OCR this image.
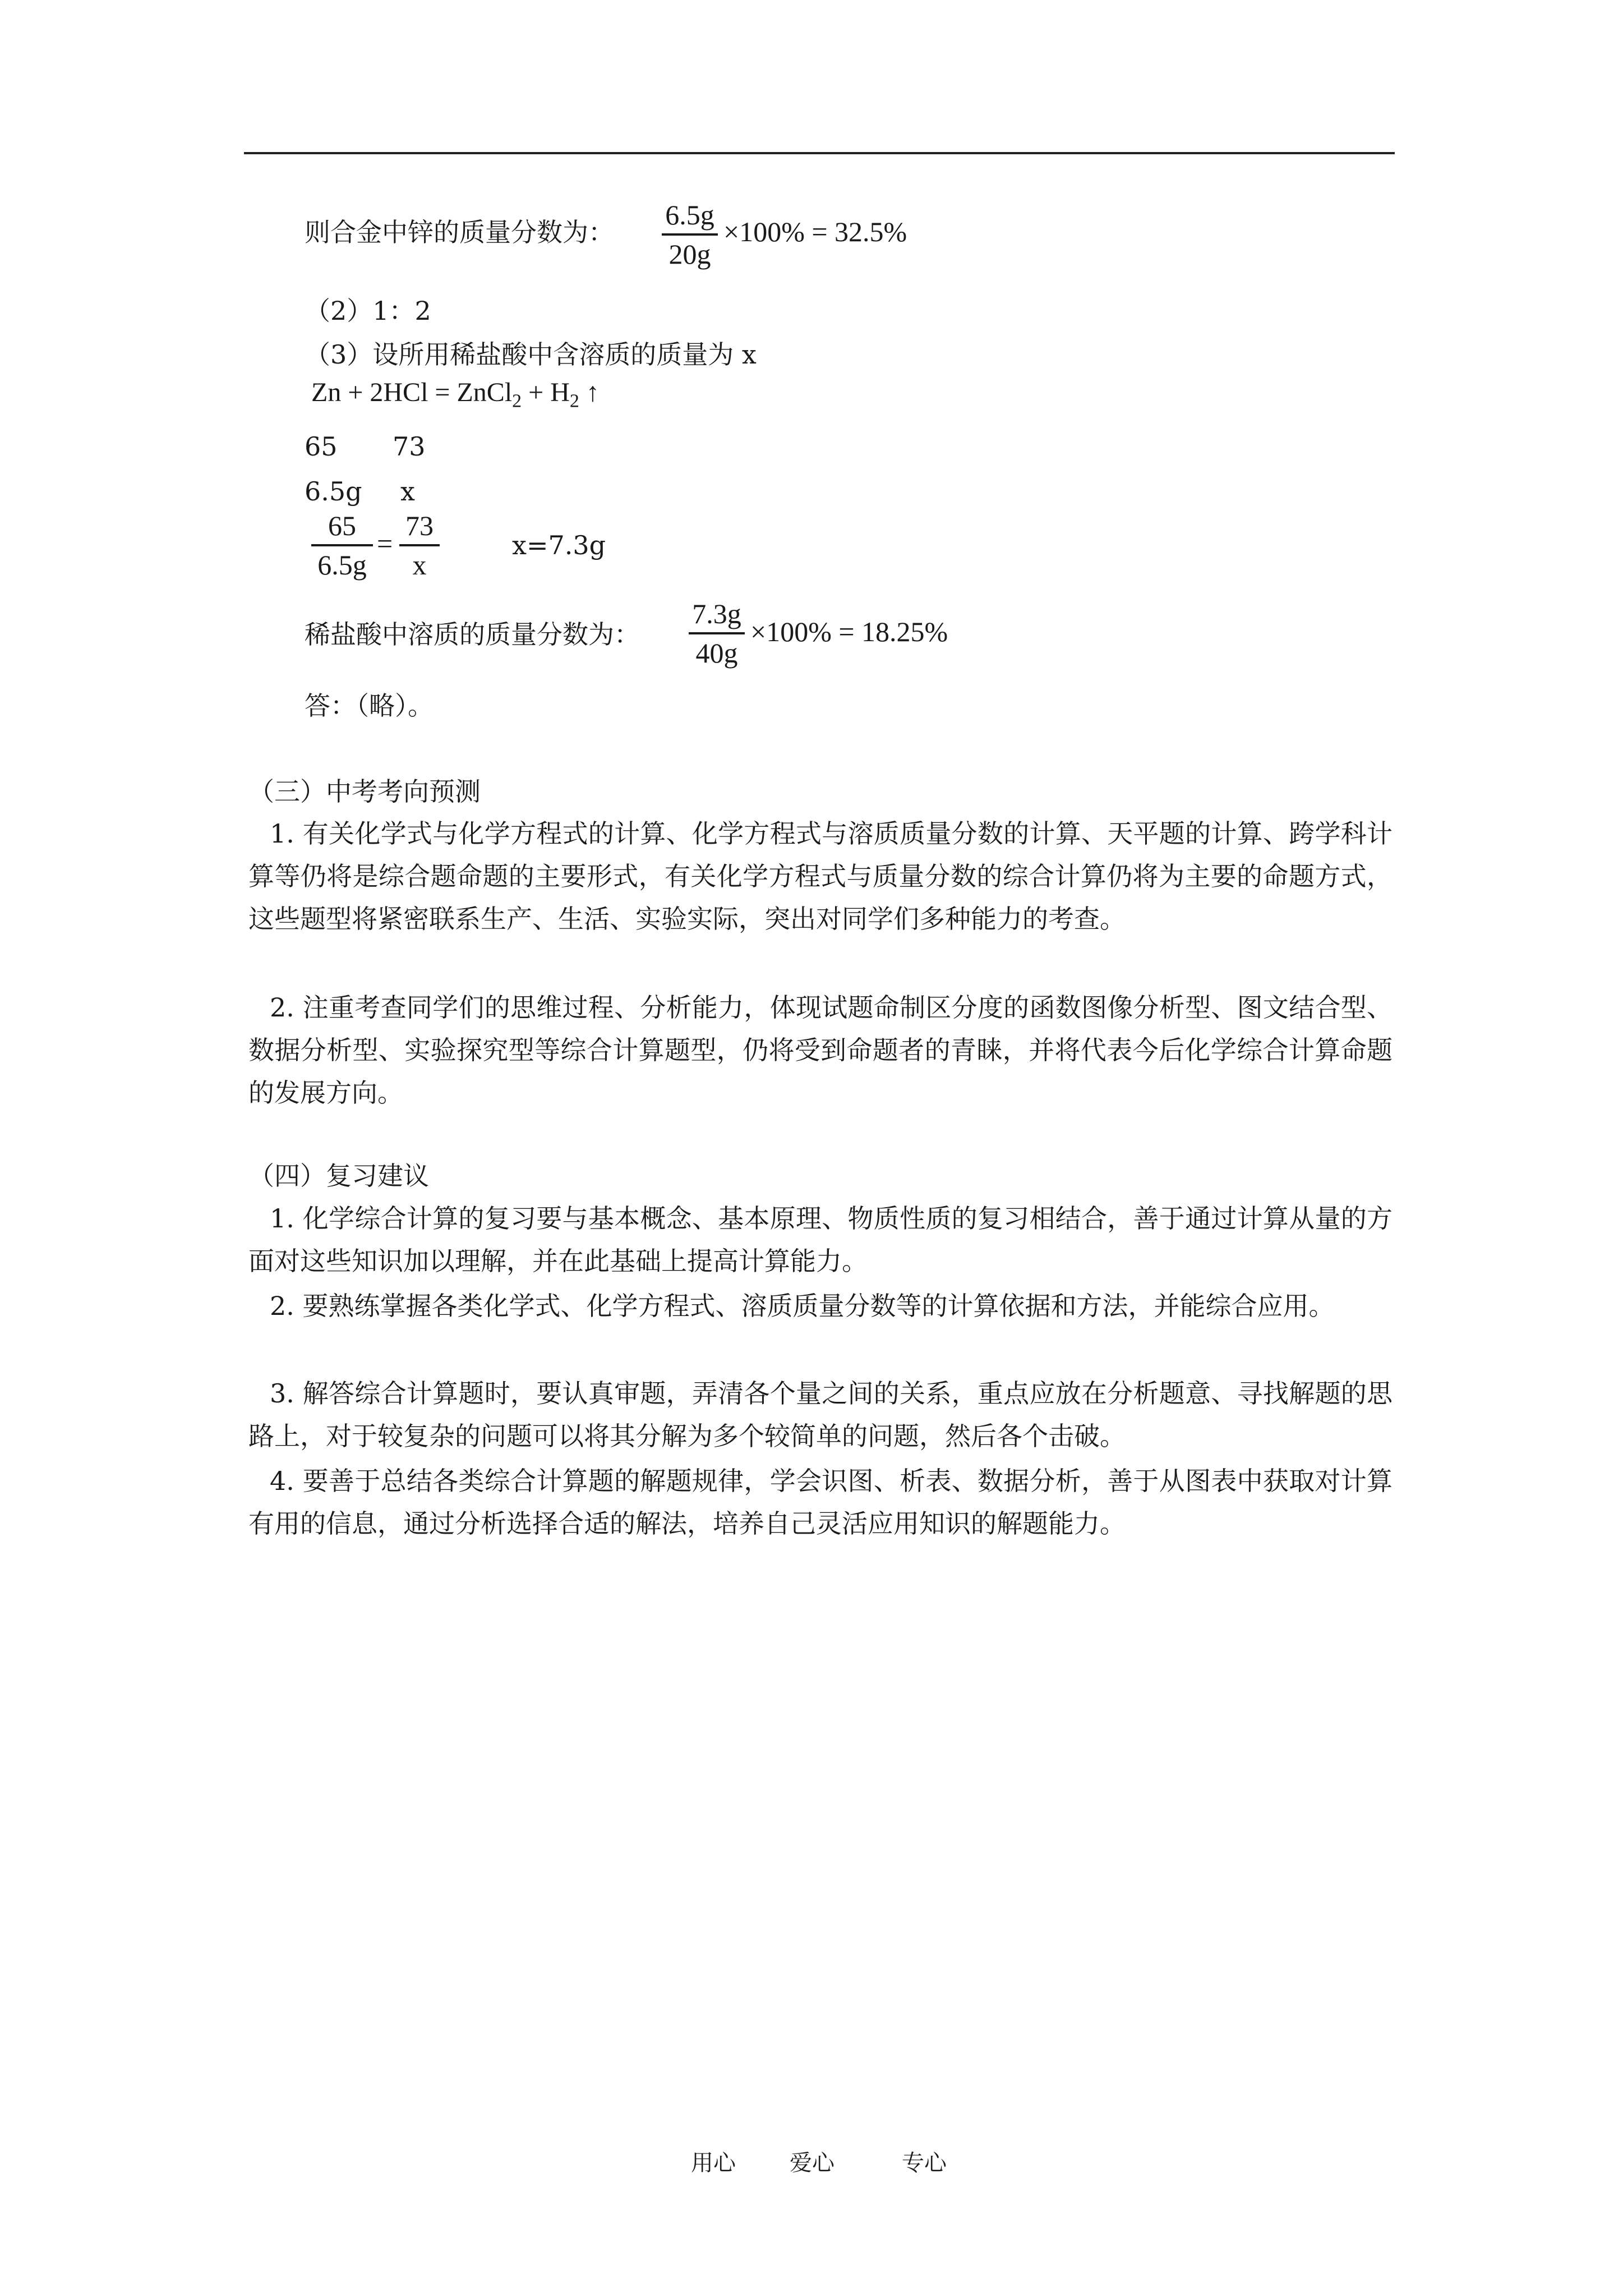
则合金中锌的质量分数为：
6.5g
20g
×100% = 32.5%
（2）1：2
（3）设所用稀盐酸中含溶质的质量为 x
Zn + 2HCl = ZnCl$_2$ + $H_2$ ↑
65 73
6.5g x
65
6.5g
=
73
x
x=7.3g
稀盐酸中溶质的质量分数为：
7.3g
40g
×100% = 18.25%
答：（略）。
（三）中考考向预测
1. 有关化学式与化学方程式的计算、化学方程式与溶质质量分数的计算、天平题的计算、跨学科计算等仍将是综合题命题的主要形式，有关化学方程式与质量分数的综合计算仍将为主要的命题方式，这些题型将紧密联系生产、生活、实验实际，突出对同学们多种能力的考查。
2. 注重考查同学们的思维过程、分析能力，体现试题命制区分度的函数图像分析型、图文结合型、数据分析型、实验探究型等综合计算题型，仍将受到命题者的青睐，并将代表今后化学综合计算命题的发展方向。
（四）复习建议
1. 化学综合计算的复习要与基本概念、基本原理、物质性质的复习相结合，善于通过计算从量的方面对这些知识加以理解，并在此基础上提高计算能力。
2. 要熟练掌握各类化学式、化学方程式、溶质质量分数等的计算依据和方法，并能综合应用。
3. 解答综合计算题时，要认真审题，弄清各个量之间的关系，重点应放在分析题意、寻找解题的思路上，对于较复杂的问题可以将其分解为多个较简单的问题，然后各个击破。
4. 要善于总结各类综合计算题的解题规律，学会识图、析表、数据分析，善于从图表中获取对计算有用的信息，通过分析选择合适的解法，培养自己灵活应用知识的解题能力。
用心 爱心	专心
